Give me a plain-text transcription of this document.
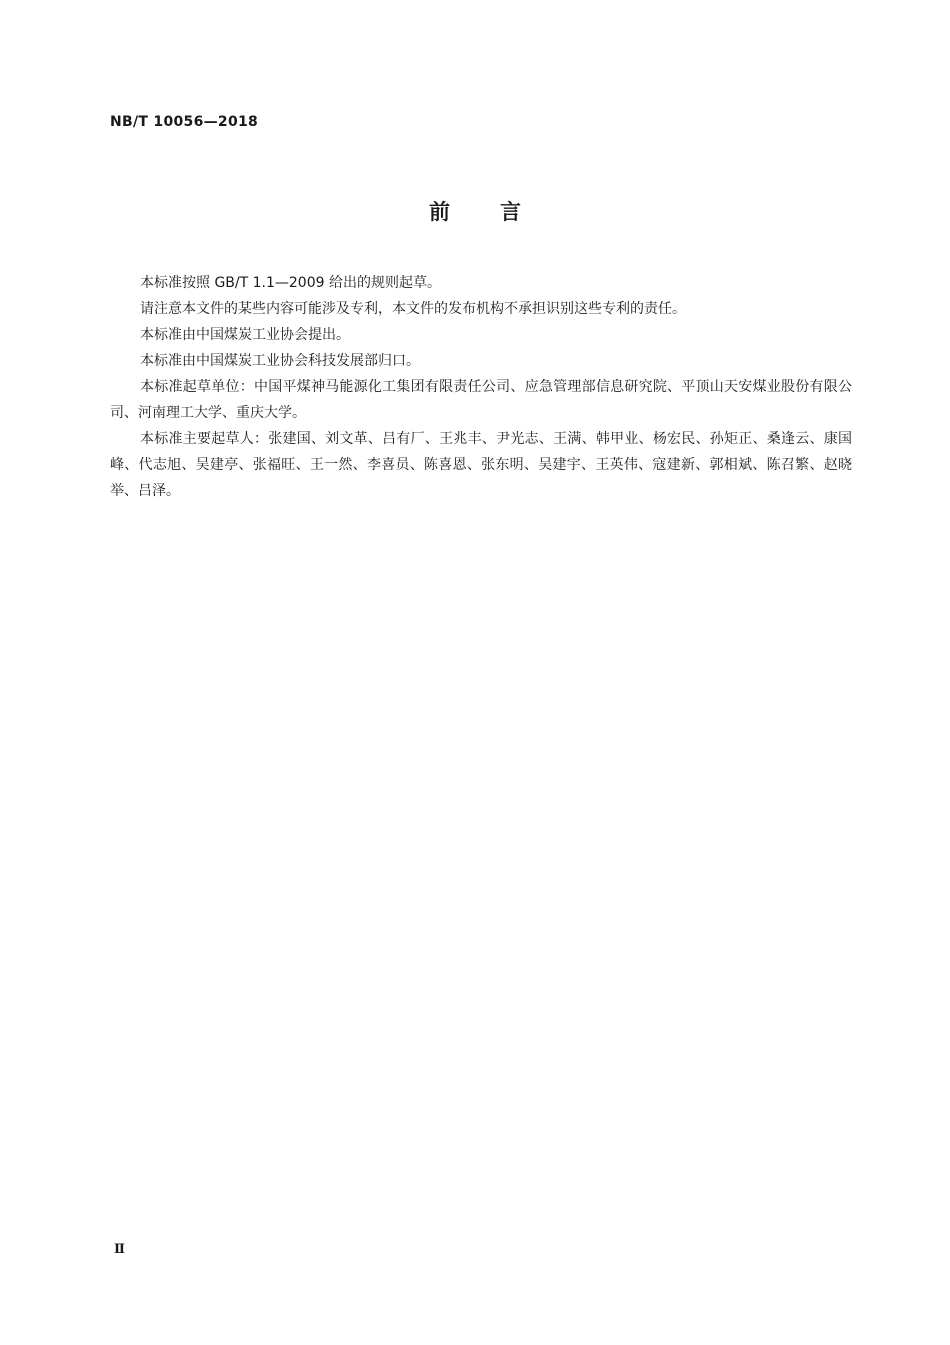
NB/T 10056—2018
前言

本标准按照 GB/T 1.1—2009 给出的规则起草。

请注意本文件的某些内容可能涉及专利，本文件的发布机构不承担识别这些专利的责任。

本标准由中国煤炭工业协会提出。

本标准由中国煤炭工业协会科技发展部归口。

本标准起草单位：中国平煤神马能源化工集团有限责任公司、应急管理部信息研究院、平顶山天安煤业股份有限公司、河南理工大学、重庆大学。

本标准主要起草人：张建国、刘文革、吕有厂、王兆丰、尹光志、王满、韩甲业、杨宏民、孙矩正、桑逢云、康国峰、代志旭、吴建亭、张福旺、王一然、李喜员、陈喜恩、张东明、吴建宇、王英伟、寇建新、郭相斌、陈召繁、赵晓举、吕泽。

Ⅱ
